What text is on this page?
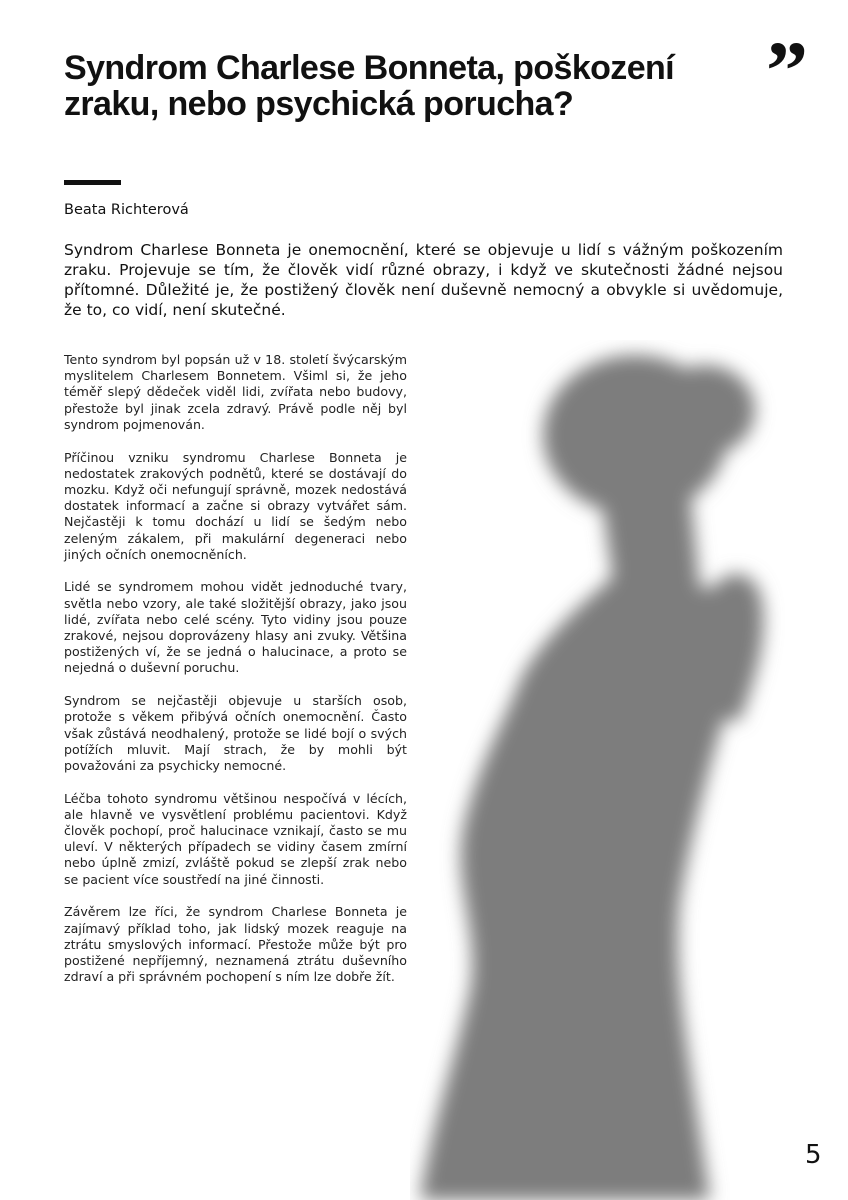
Syndrom Charlese Bonneta, poškození zraku, nebo psychická porucha?	”
Beata Richterová

Syndrom Charlese Bonneta je onemocnění, které se objevuje u lidí s vážným poškozením zraku. Projevuje se tím, že člověk vidí různé obrazy, i když ve skutečnosti žádné nejsou přítomné. Důležité je, že postižený člověk není duševně nemocný a obvykle si uvědomuje, že to, co vidí, není skutečné.

Tento syndrom byl popsán už v 18. století švýcarským myslitelem Charlesem Bonnetem. Všiml si, že jeho téměř slepý dědeček viděl lidi, zvířata nebo budovy, přestože byl jinak zcela zdravý. Právě podle něj byl syndrom pojmenován.

Příčinou vzniku syndromu Charlese Bonneta je nedostatek zrakových podnětů, které se dostávají do mozku. Když oči nefungují správně, mozek nedostává dostatek informací a začne si obrazy vytvářet sám. Nejčastěji k tomu dochází u lidí se šedým nebo zeleným zákalem, při makulární degeneraci nebo jiných očních onemocněních.

Lidé se syndromem mohou vidět jednoduché tvary, světla nebo vzory, ale také složitější obrazy, jako jsou lidé, zvířata nebo celé scény. Tyto vidiny jsou pouze zrakové, nejsou doprovázeny hlasy ani zvuky. Většina postižených ví, že se jedná o halucinace, a proto se nejedná o duševní poruchu.

Syndrom se nejčastěji objevuje u starších osob, protože s věkem přibývá očních onemocnění. Často však zůstává neodhalený, protože se lidé bojí o svých potížích mluvit. Mají strach, že by mohli být považováni za psychicky nemocné.

Léčba tohoto syndromu většinou nespočívá v lécích, ale hlavně ve vysvětlení problému pacientovi. Když člověk pochopí, proč halucinace vznikají, často se mu uleví. V některých případech se vidiny časem zmírní nebo úplně zmizí, zvláště pokud se zlepší zrak nebo se pacient více soustředí na jiné činnosti.

Závěrem lze říci, že syndrom Charlese Bonneta je zajímavý příklad toho, jak lidský mozek reaguje na ztrátu smyslových informací. Přestože může být pro postižené nepříjemný, neznamená ztrátu duševního zdraví a při správném pochopení s ním lze dobře žít.

5
